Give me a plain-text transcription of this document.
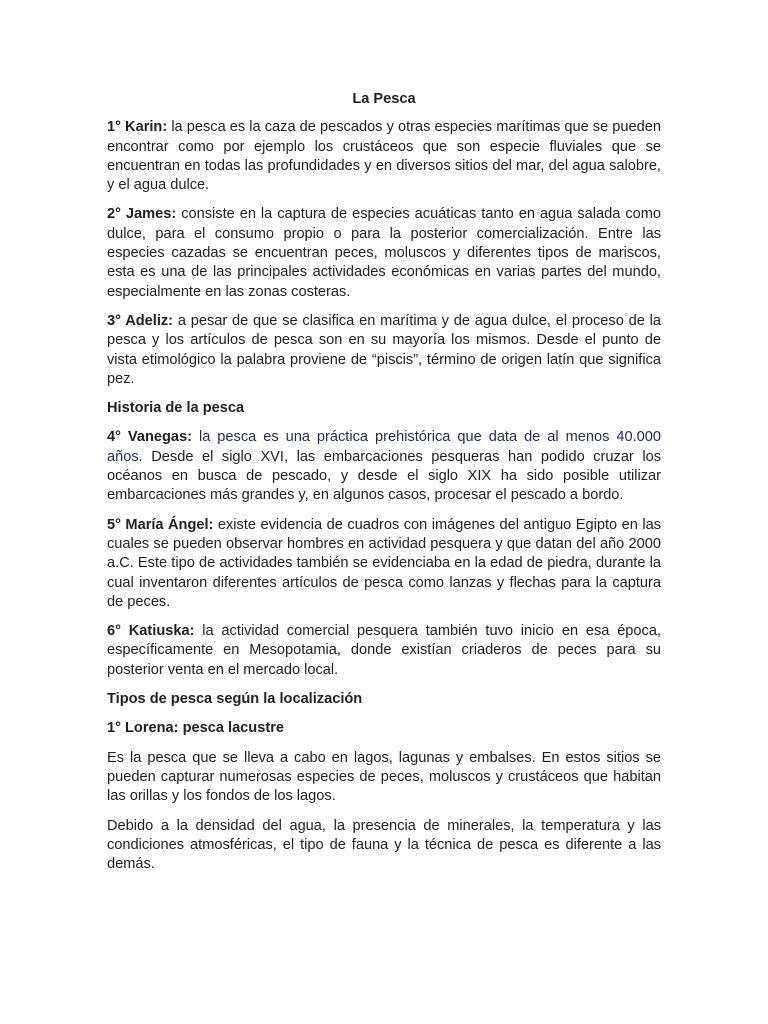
La Pesca

1° Karin: la pesca es la caza de pescados y otras especies marítimas que se pueden encontrar como por ejemplo los crustáceos que son especie fluviales que se encuentran en todas las profundidades y en diversos sitios del mar, del agua salobre, y el agua dulce.

2° James: consiste en la captura de especies acuáticas tanto en agua salada como dulce, para el consumo propio o para la posterior comercialización. Entre las especies cazadas se encuentran peces, moluscos y diferentes tipos de mariscos, esta es una de las principales actividades económicas en varias partes del mundo, especialmente en las zonas costeras.

3° Adeliz: a pesar de que se clasifica en marítima y de agua dulce, el proceso de la pesca y los artículos de pesca son en su mayoría los mismos. Desde el punto de vista etimológico la palabra proviene de “piscis”, término de origen latín que significa pez.

Historia de la pesca

4° Vanegas: la pesca es una práctica prehistórica que data de al menos 40.000 años. Desde el siglo XVI, las embarcaciones pesqueras han podido cruzar los océanos en busca de pescado, y desde el siglo XIX ha sido posible utilizar embarcaciones más grandes y, en algunos casos, procesar el pescado a bordo.

5° María Ángel: existe evidencia de cuadros con imágenes del antiguo Egipto en las cuales se pueden observar hombres en actividad pesquera y que datan del año 2000 a.C. Este tipo de actividades también se evidenciaba en la edad de piedra, durante la cual inventaron diferentes artículos de pesca como lanzas y flechas para la captura de peces.

6° Katiuska: la actividad comercial pesquera también tuvo inicio en esa época, específicamente en Mesopotamia, donde existían criaderos de peces para su posterior venta en el mercado local.

Tipos de pesca según la localización
1° Lorena: pesca lacustre

Es la pesca que se lleva a cabo en lagos, lagunas y embalses. En estos sitios se pueden capturar numerosas especies de peces, moluscos y crustáceos que habitan las orillas y los fondos de los lagos.

Debido a la densidad del agua, la presencia de minerales, la temperatura y las condiciones atmosféricas, el tipo de fauna y la técnica de pesca es diferente a las demás.
